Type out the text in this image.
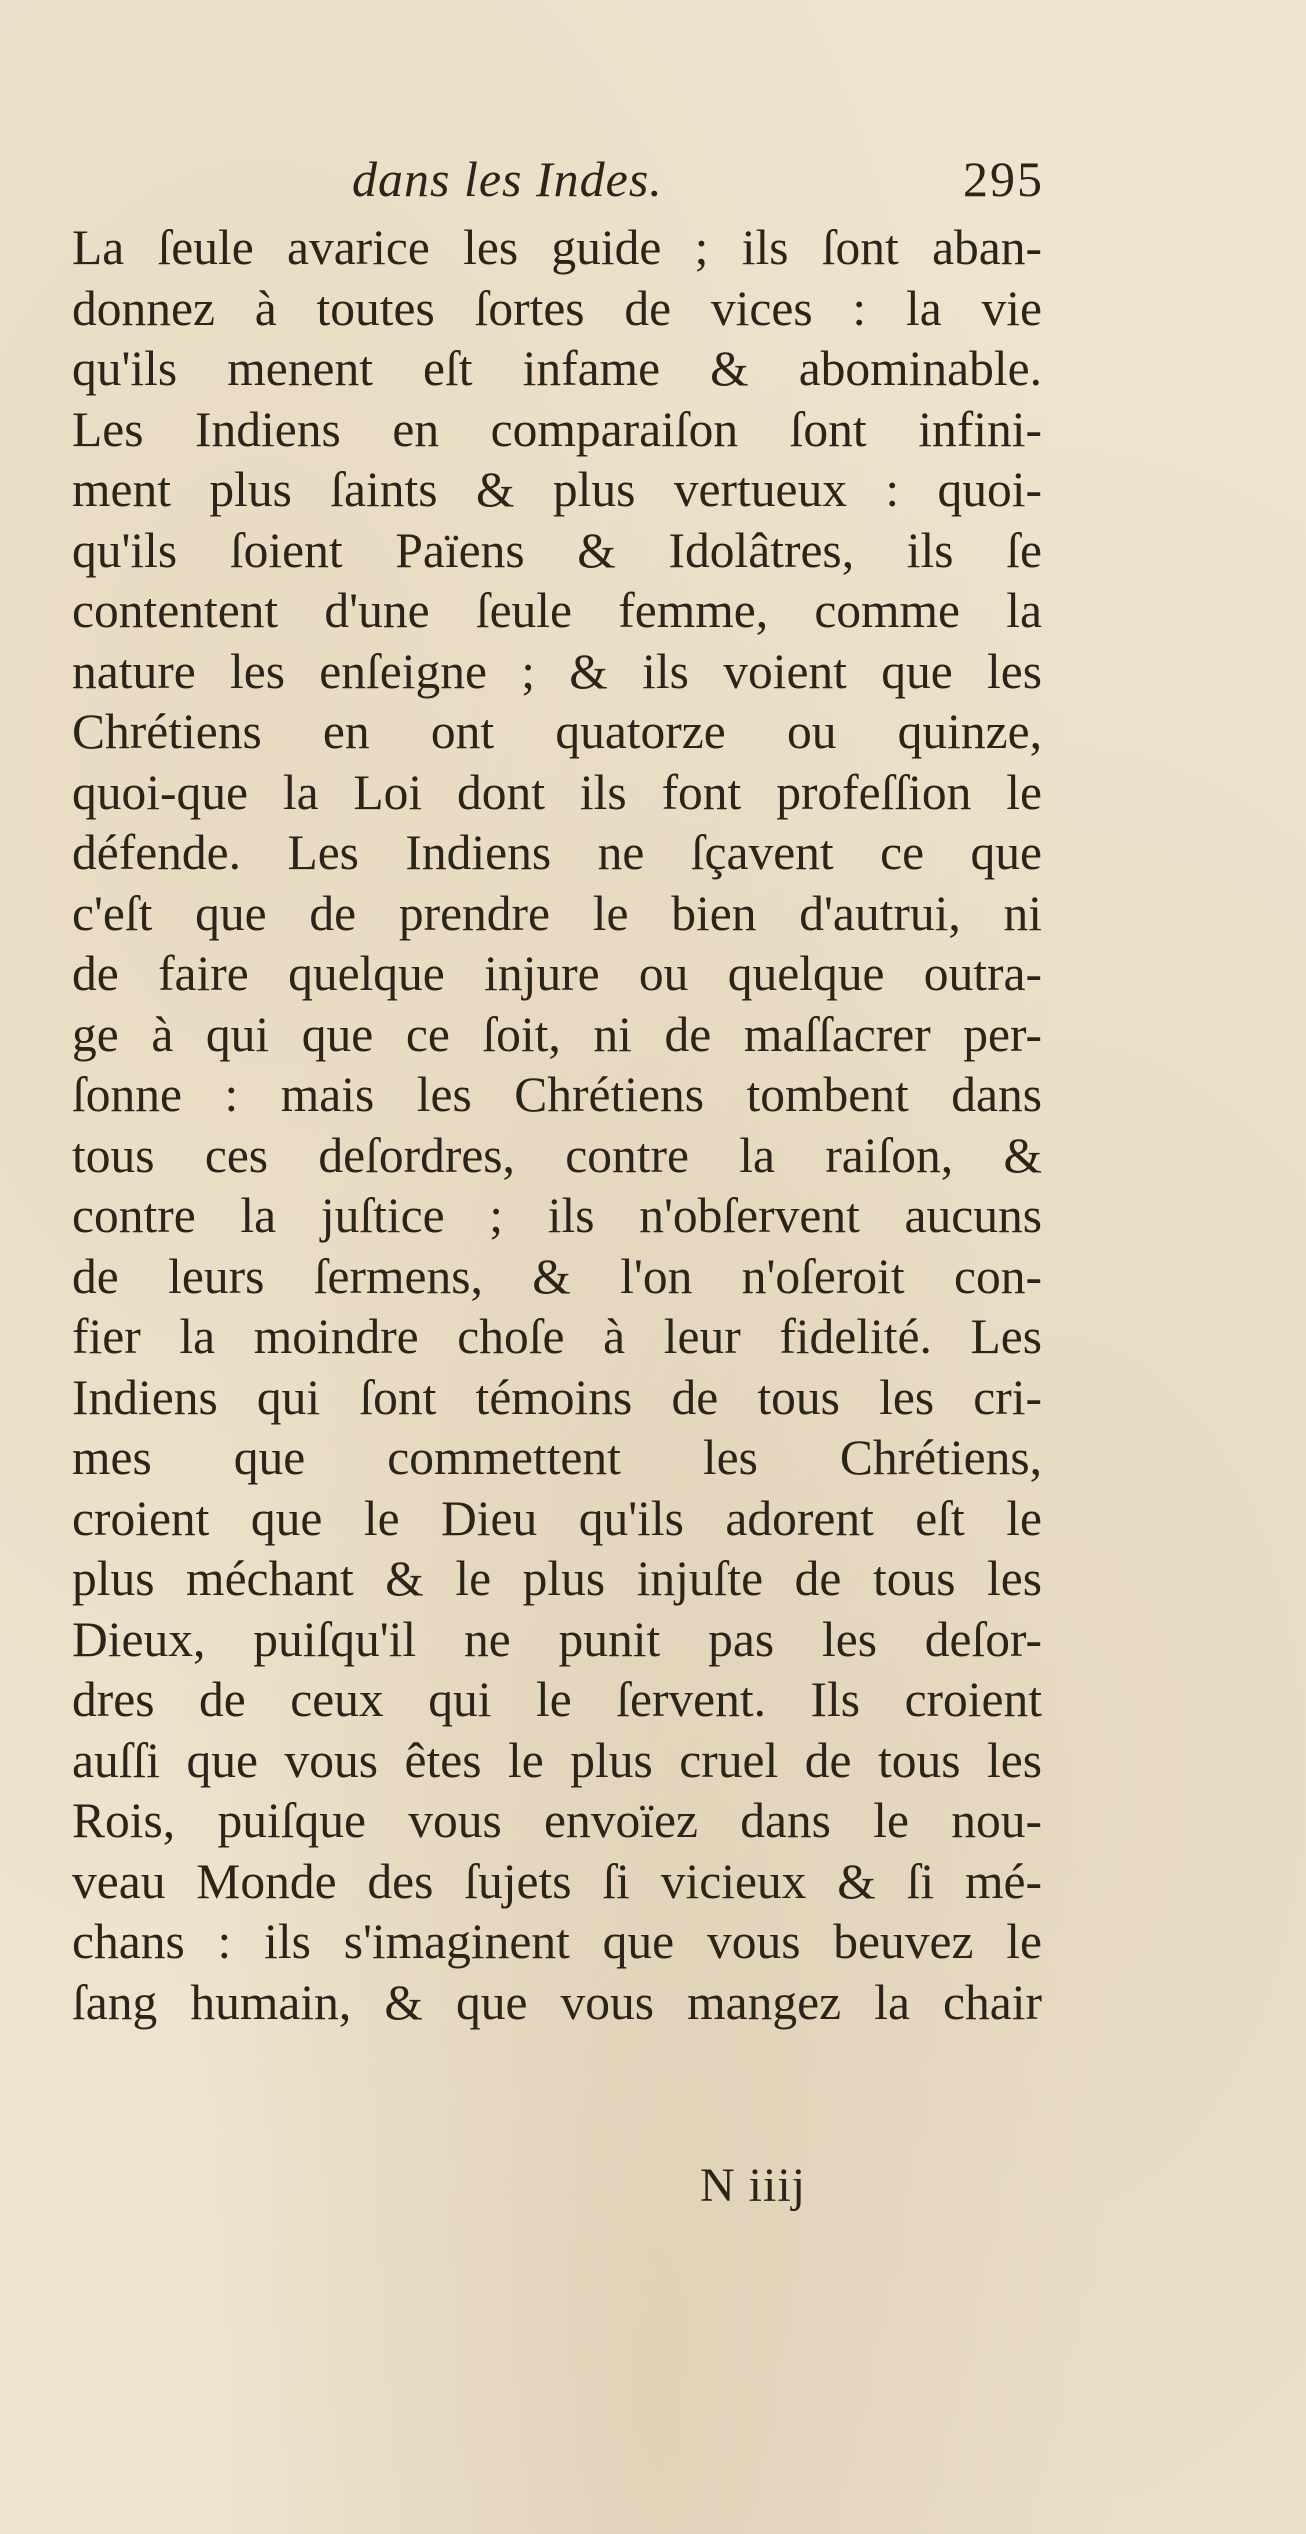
dans les Indes.	295
La ſeule avarice les guide ; ils ſont aban-
donnez à toutes ſortes de vices : la vie
qu'ils menent eſt infame & abominable.
Les Indiens en comparaiſon ſont infini-
ment plus ſaints & plus vertueux : quoi-
qu'ils ſoient Païens & Idolâtres, ils ſe
contentent d'une ſeule femme, comme la
nature les enſeigne ; & ils voient que les
Chrétiens en ont quatorze ou quinze,
quoi-que la Loi dont ils font profeſſion le
défende. Les Indiens ne ſçavent ce que
c'eſt que de prendre le bien d'autrui, ni
de faire quelque injure ou quelque outra-
ge à qui que ce ſoit, ni de maſſacrer per-
ſonne : mais les Chrétiens tombent dans
tous ces deſordres, contre la raiſon, &
contre la juſtice ; ils n'obſervent aucuns
de leurs ſermens, & l'on n'oſeroit con-
fier la moindre choſe à leur fidelité. Les
Indiens qui ſont témoins de tous les cri-
mes que commettent les Chrétiens,
croient que le Dieu qu'ils adorent eſt le
plus méchant & le plus injuſte de tous les
Dieux, puiſqu'il ne punit pas les deſor-
dres de ceux qui le ſervent. Ils croient
auſſi que vous êtes le plus cruel de tous les
Rois, puiſque vous envoïez dans le nou-
veau Monde des ſujets ſi vicieux & ſi mé-
chans : ils s'imaginent que vous beuvez le
ſang humain, & que vous mangez la chair
N iiij
